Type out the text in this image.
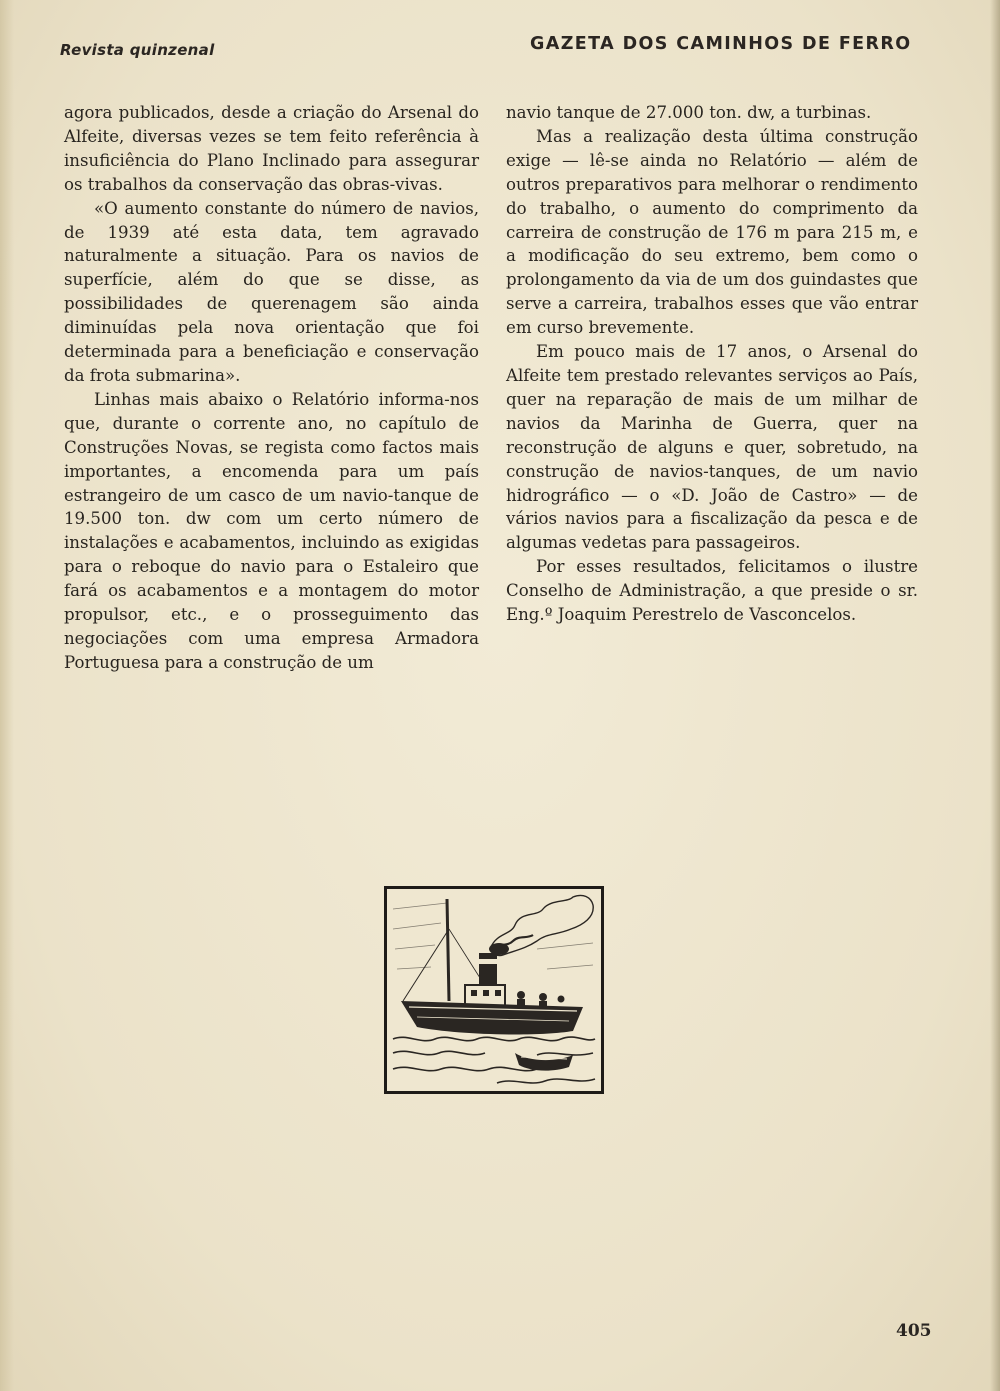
Revista quinzenal	GAZETA DOS CAMINHOS DE FERRO

agora publicados, desde a criação do Arsenal do Alfeite, diversas vezes se tem feito referência à insuficiência do Plano Inclinado para assegurar os trabalhos da conservação das obras-vivas.

«O aumento constante do número de navios, de 1939 até esta data, tem agravado naturalmente a situação. Para os navios de superfície, além do que se disse, as possibilidades de querenagem são ainda diminuídas pela nova orientação que foi determinada para a beneficiação e conservação da frota submarina».

Linhas mais abaixo o Relatório informa-nos que, durante o corrente ano, no capítulo de Construções Novas, se regista como factos mais importantes, a encomenda para um país estrangeiro de um casco de um navio-tanque de 19.500 ton. dw com um certo número de instalações e acabamentos, incluindo as exigidas para o reboque do navio para o Estaleiro que fará os acabamentos e a montagem do motor propulsor, etc., e o prosseguimento das negociações com uma empresa Armadora Portuguesa para a construção de um

navio tanque de 27.000 ton. dw, a turbinas.

Mas a realização desta última construção exige — lê-se ainda no Relatório — além de outros preparativos para melhorar o rendimento do trabalho, o aumento do comprimento da carreira de construção de 176 m para 215 m, e a modificação do seu extremo, bem como o prolongamento da via de um dos guindastes que serve a carreira, trabalhos esses que vão entrar em curso brevemente.

Em pouco mais de 17 anos, o Arsenal do Alfeite tem prestado relevantes serviços ao País, quer na reparação de mais de um milhar de navios da Marinha de Guerra, quer na reconstrução de alguns e quer, sobretudo, na construção de navios-tanques, de um navio hidrográfico — o «D. João de Castro» — de vários navios para a fiscalização da pesca e de algumas vedetas para passageiros.

Por esses resultados, felicitamos o ilustre Conselho de Administração, a que preside o sr. Eng.º Joaquim Perestrelo de Vasconcelos.

405
